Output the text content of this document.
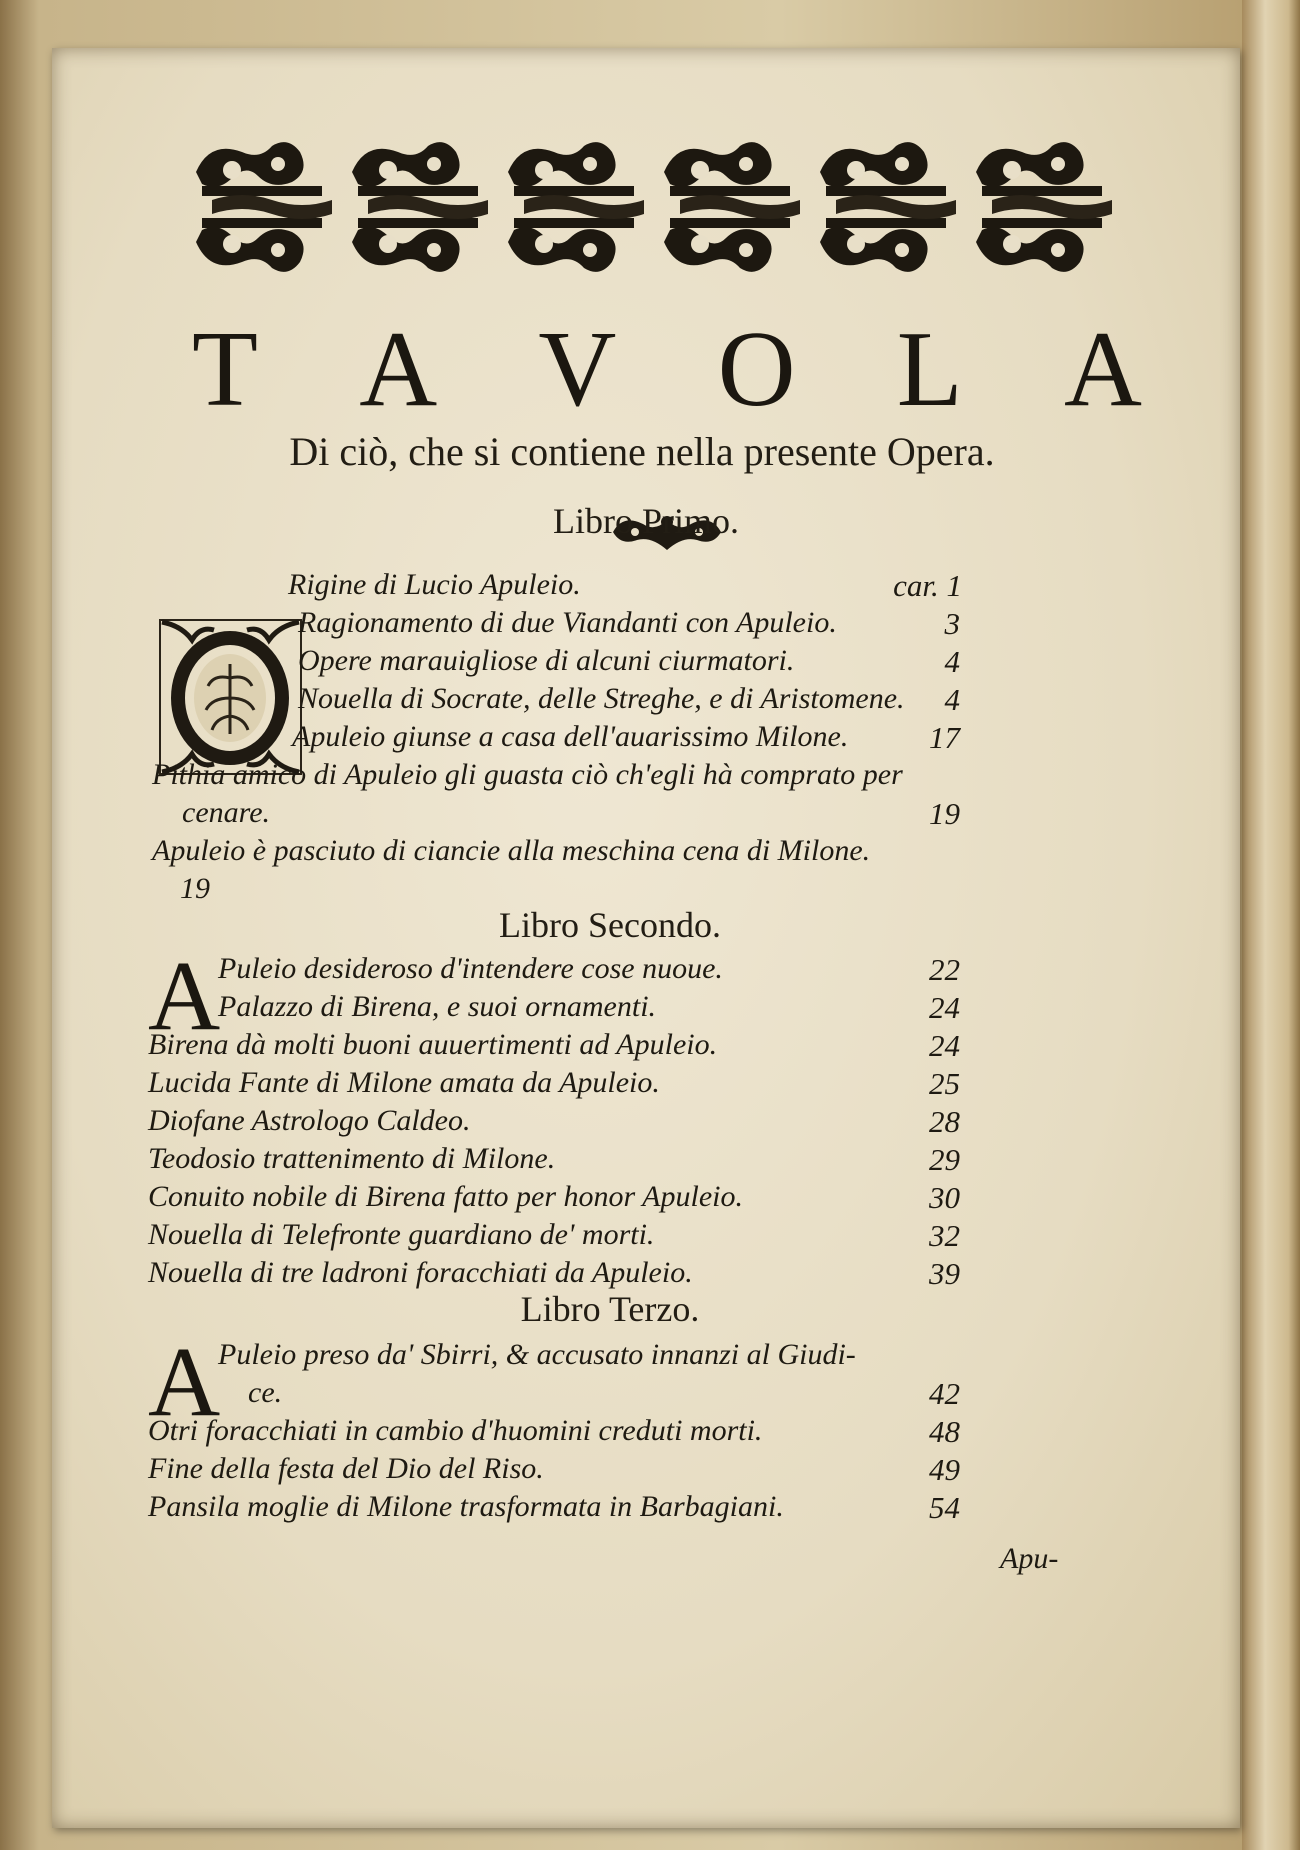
T A V O L A
Di ciò, che si contiene nella presente Opera.
Libro Primo.
O
Rigine di Lucio Apuleio.	car. 1
Ragionamento di due Viandanti con Apuleio.	3
Opere marauigliose di alcuni ciurmatori.	4
Nouella di Socrate, delle Streghe, e di Aristomene.	4
Apuleio giunse a casa dell'auarissimo Milone.	17
Pithia amico di Apuleio gli guasta ciò ch'egli hà comprato per
cenare.	19
Apuleio è pasciuto di ciancie alla meschina cena di Milone.
19
Libro Secondo.
A
Puleio desideroso d'intendere cose nuoue.	22
Palazzo di Birena, e suoi ornamenti.	24
Birena dà molti buoni auuertimenti ad Apuleio.	24
Lucida Fante di Milone amata da Apuleio.	25
Diofane Astrologo Caldeo.	28
Teodosio trattenimento di Milone.	29
Conuito nobile di Birena fatto per honor Apuleio.	30
Nouella di Telefronte guardiano de' morti.	32
Nouella di tre ladroni foracchiati da Apuleio.	39
Libro Terzo.
A
Puleio preso da' Sbirri, & accusato innanzi al Giudi-
ce.	42
Otri foracchiati in cambio d'huomini creduti morti.	48
Fine della festa del Dio del Riso.	49
Pansila moglie di Milone trasformata in Barbagiani.	54
Apu-
